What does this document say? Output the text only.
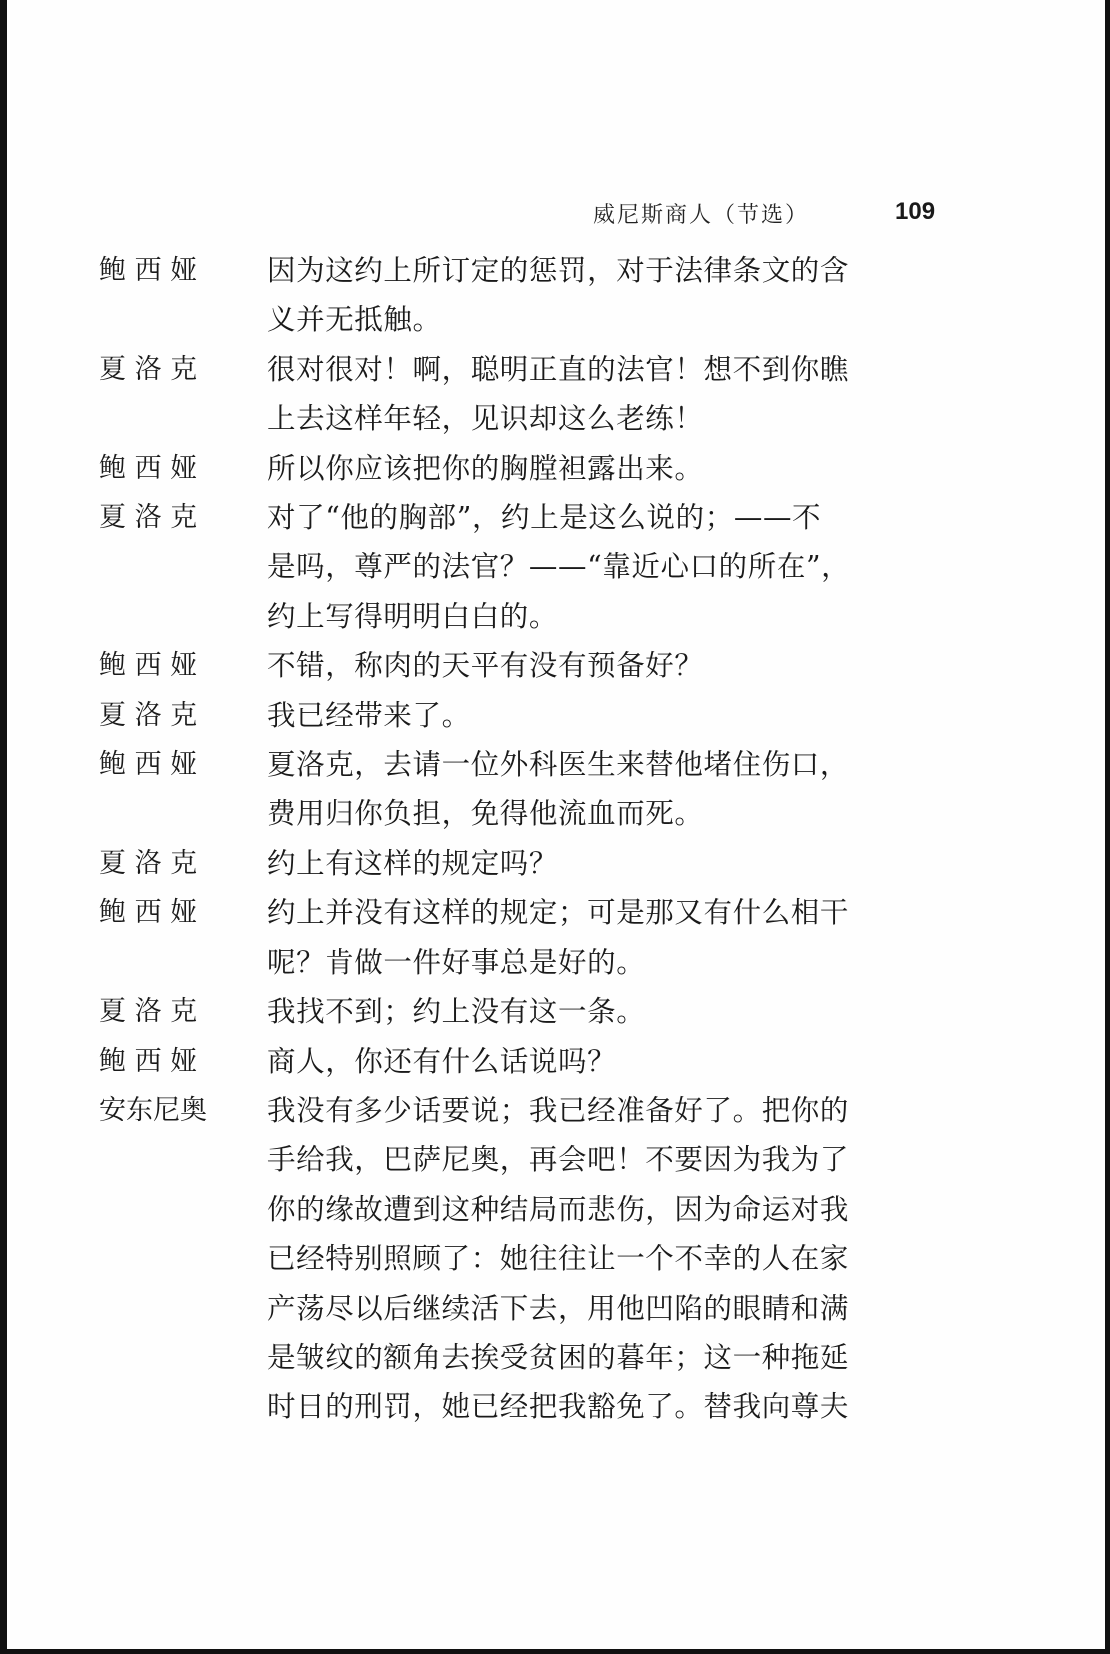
威尼斯商人（节选）	109
鲍 西 娅	因为这约上所订定的惩罚，对于法律条文的含
义并无抵触。
夏 洛 克	很对很对！啊，聪明正直的法官！想不到你瞧
上去这样年轻，见识却这么老练！
鲍 西 娅	所以你应该把你的胸膛袒露出来。
夏 洛 克	对了“他的胸部”，约上是这么说的；——不
是吗，尊严的法官？——“靠近心口的所在”，
约上写得明明白白的。
鲍 西 娅	不错，称肉的天平有没有预备好？
夏 洛 克	我已经带来了。
鲍 西 娅	夏洛克，去请一位外科医生来替他堵住伤口，
费用归你负担，免得他流血而死。
夏 洛 克	约上有这样的规定吗？
鲍 西 娅	约上并没有这样的规定；可是那又有什么相干
呢？肯做一件好事总是好的。
夏 洛 克	我找不到；约上没有这一条。
鲍 西 娅	商人，你还有什么话说吗？
安东尼奥	我没有多少话要说；我已经准备好了。把你的
手给我，巴萨尼奥，再会吧！不要因为我为了
你的缘故遭到这种结局而悲伤，因为命运对我
已经特别照顾了：她往往让一个不幸的人在家
产荡尽以后继续活下去，用他凹陷的眼睛和满
是皱纹的额角去挨受贫困的暮年；这一种拖延
时日的刑罚，她已经把我豁免了。替我向尊夫
